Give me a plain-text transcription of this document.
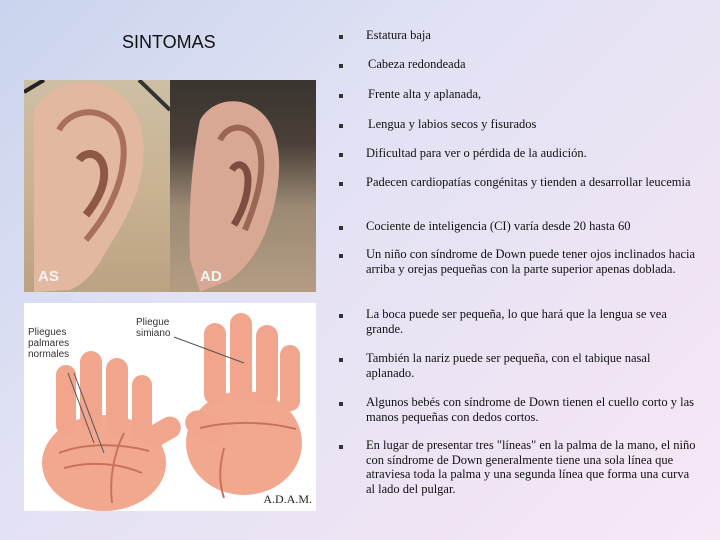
SINTOMAS
AS	AD
Pliegues palmares normales
Pliegue simiano
A.D.A.M.
Estatura baja
Cabeza redondeada
Frente alta y aplanada,
Lengua y labios secos y fisurados
Dificultad para ver o pérdida de la audición.
Padecen cardiopatías congénitas y tienden a desarrollar leucemia
Cociente de inteligencia (CI) varía desde 20 hasta 60
Un niño con síndrome de Down puede tener ojos inclinados hacia arriba y orejas pequeñas con la parte superior apenas doblada.
La boca puede ser pequeña, lo que hará que la lengua se vea grande.
También la nariz puede ser pequeña, con el tabique nasal aplanado.
Algunos bebés con síndrome de Down tienen el cuello corto y las manos pequeñas con dedos cortos.
En lugar de presentar tres "líneas" en la palma de la mano, el niño con síndrome de Down generalmente tiene una sola línea que atraviesa toda la palma y una segunda línea que forma una curva al lado del pulgar.
